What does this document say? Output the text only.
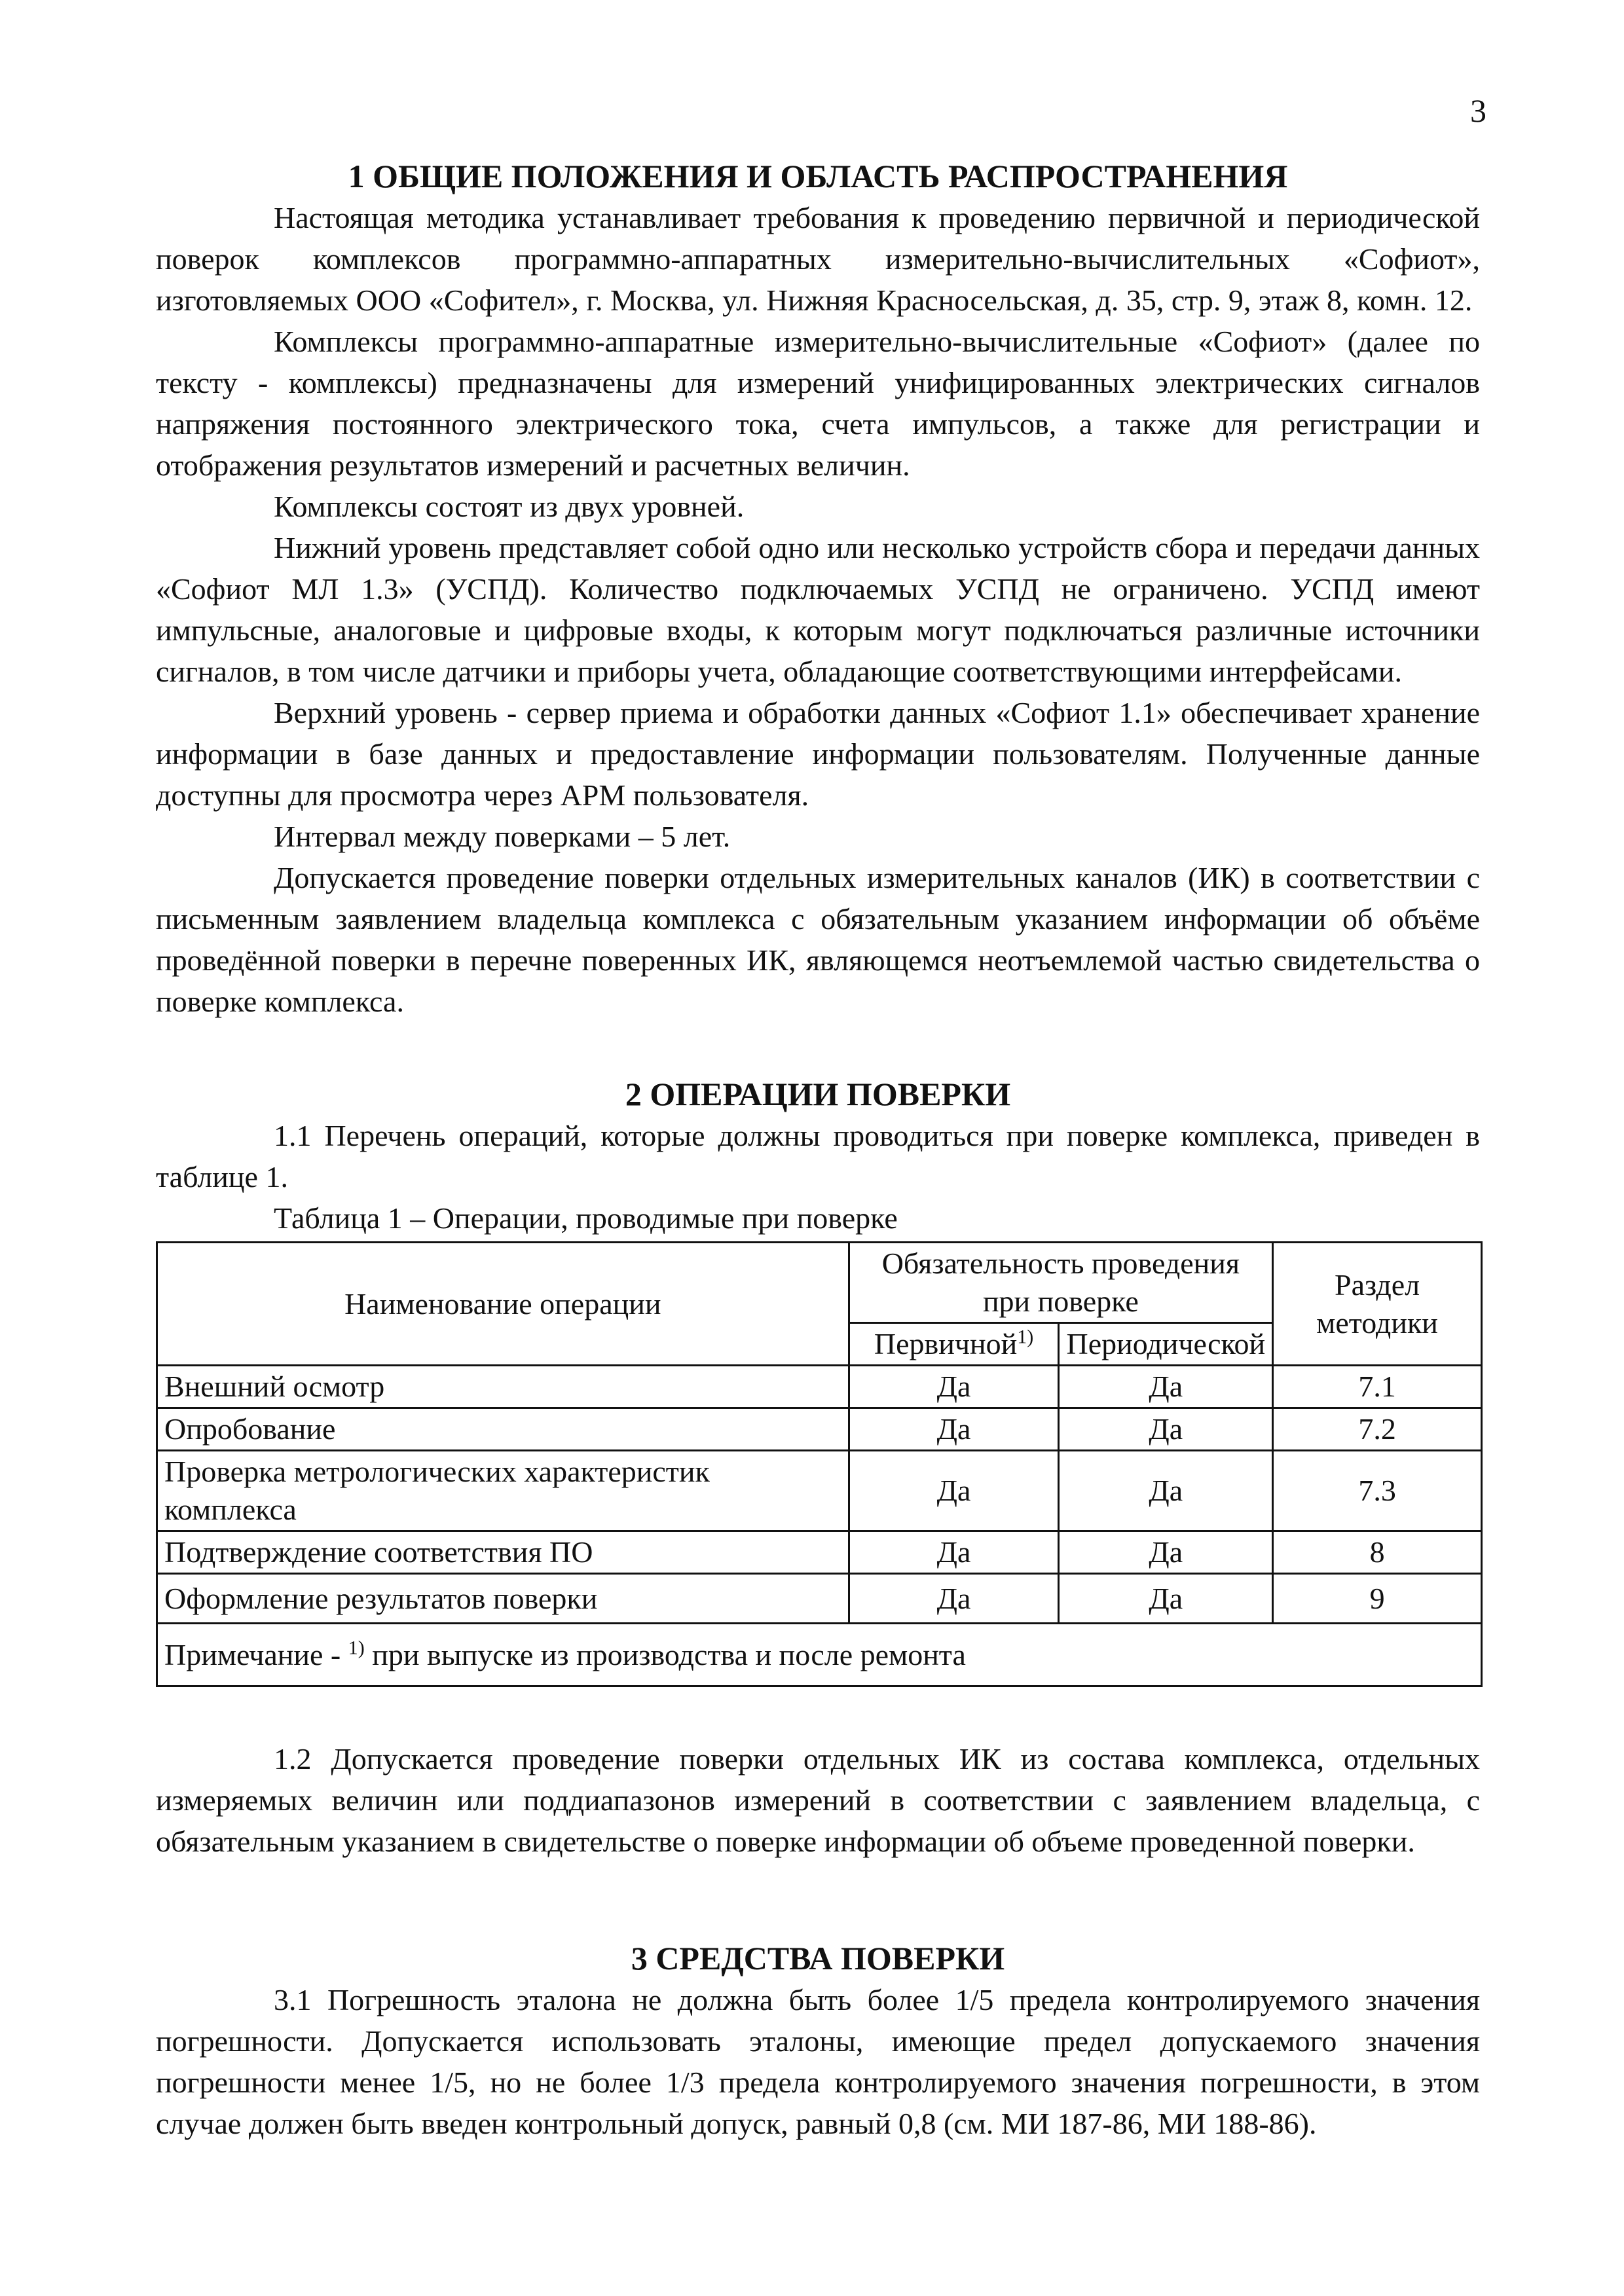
3
1 ОБЩИЕ ПОЛОЖЕНИЯ И ОБЛАСТЬ РАСПРОСТРАНЕНИЯ

Настоящая методика устанавливает требования к проведению первичной и периодической поверок комплексов программно-аппаратных измерительно-вычислительных «Софиот», изготовляемых ООО «Софител», г. Москва, ул. Нижняя Красносельская, д. 35, стр. 9, этаж 8, комн. 12.

Комплексы программно-аппаратные измерительно-вычислительные «Софиот» (далее по тексту - комплексы) предназначены для измерений унифицированных электрических сигналов напряжения постоянного электрического тока, счета импульсов, а также для регистрации и отображения результатов измерений и расчетных величин.

Комплексы состоят из двух уровней.

Нижний уровень представляет собой одно или несколько устройств сбора и передачи данных «Софиот МЛ 1.3» (УСПД). Количество подключаемых УСПД не ограничено. УСПД имеют импульсные, аналоговые и цифровые входы, к которым могут подключаться различные источники сигналов, в том числе датчики и приборы учета, обладающие соответствующими интерфейсами.

Верхний уровень - сервер приема и обработки данных «Софиот 1.1» обеспечивает хранение информации в базе данных и предоставление информации пользователям. Полученные данные доступны для просмотра через АРМ пользователя.

Интервал между поверками – 5 лет.

Допускается проведение поверки отдельных измерительных каналов (ИК) в соответствии с письменным заявлением владельца комплекса с обязательным указанием информации об объёме проведённой поверки в перечне поверенных ИК, являющемся неотъемлемой частью свидетельства о поверке комплекса.

2 ОПЕРАЦИИ ПОВЕРКИ

1.1 Перечень операций, которые должны проводиться при поверке комплекса, приведен в таблице 1.

Таблица 1 – Операции, проводимые при поверке

Наименование операции	Обязательность проведения при поверке		Раздел методики
	Первичной$^{1)}$	Периодической	
Внешний осмотр	Да	Да	7.1
Опробование	Да	Да	7.2
Проверка метрологических характеристик комплекса	Да	Да	7.3
Подтверждение соответствия ПО	Да	Да	8
Оформление результатов поверки	Да	Да	9
Примечание - $^{1)}$ при выпуске из производства и после ремонта			

1.2 Допускается проведение поверки отдельных ИК из состава комплекса, отдельных измеряемых величин или поддиапазонов измерений в соответствии с заявлением владельца, с обязательным указанием в свидетельстве о поверке информации об объеме проведенной поверки.

3 СРЕДСТВА ПОВЕРКИ

3.1 Погрешность эталона не должна быть более 1/5 предела контролируемого значения погрешности. Допускается использовать эталоны, имеющие предел допускаемого значения погрешности менее 1/5, но не более 1/3 предела контролируемого значения погрешности, в этом случае должен быть введен контрольный допуск, равный 0,8 (см. МИ 187-86, МИ 188-86).
